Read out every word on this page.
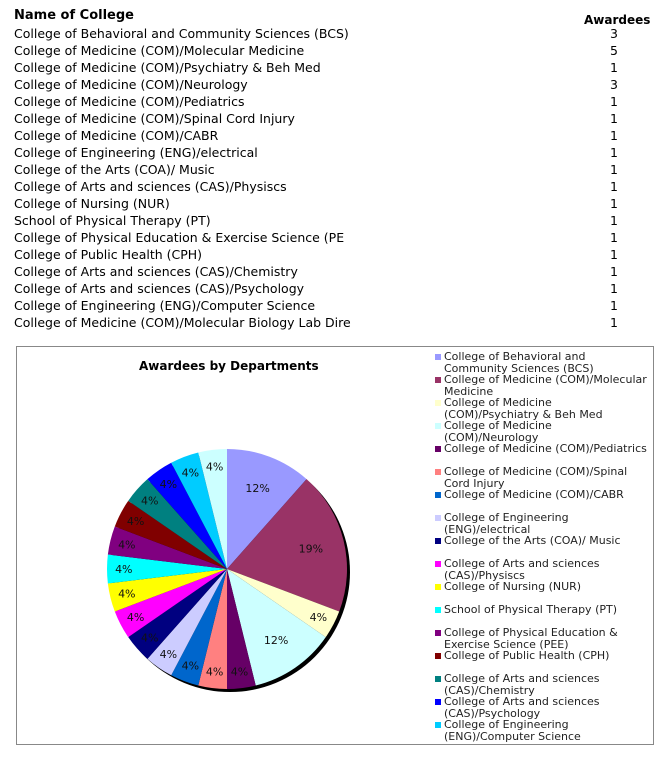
Name of College	Awardees
College of Behavioral and Community Sciences (BCS)	3
College of Medicine (COM)/Molecular Medicine	5
College of Medicine (COM)/Psychiatry & Beh Med	1
College of Medicine (COM)/Neurology	3
College of Medicine (COM)/Pediatrics	1
College of Medicine (COM)/Spinal Cord Injury	1
College of Medicine (COM)/CABR	1
College of Engineering (ENG)/electrical	1
College of the Arts (COA)/ Music	1
College of Arts and sciences (CAS)/Physiscs	1
College of Nursing (NUR)	1
School of Physical Therapy (PT)	1
College of Physical Education & Exercise Science (PE	1
College of Public Health (CPH)	1
College of Arts and sciences (CAS)/Chemistry	1
College of Arts and sciences (CAS)/Psychology	1
College of Engineering (ENG)/Computer Science	1
College of Medicine (COM)/Molecular Biology Lab Dire	1
12%
19%
4%
12%
4%
4%
4%
4%
4%
4%
4%
4%
4%
4%
4%
4%
4% 4%
Awardees by Departments
College of Behavioral and Community Sciences (BCS)
College of Medicine (COM)/Molecular Medicine
College of Medicine (COM)/Psychiatry & Beh Med
College of Medicine (COM)/Neurology
College of Medicine (COM)/Pediatrics
College of Medicine (COM)/Spinal Cord Injury
College of Medicine (COM)/CABR
College of Engineering (ENG)/electrical
College of the Arts (COA)/ Music
College of Arts and sciences (CAS)/Physiscs
College of Nursing (NUR)
School of Physical Therapy (PT)
College of Physical Education & Exercise Science (PEE)
College of Public Health (CPH)
College of Arts and sciences (CAS)/Chemistry
College of Arts and sciences (CAS)/Psychology
College of Engineering (ENG)/Computer Science
